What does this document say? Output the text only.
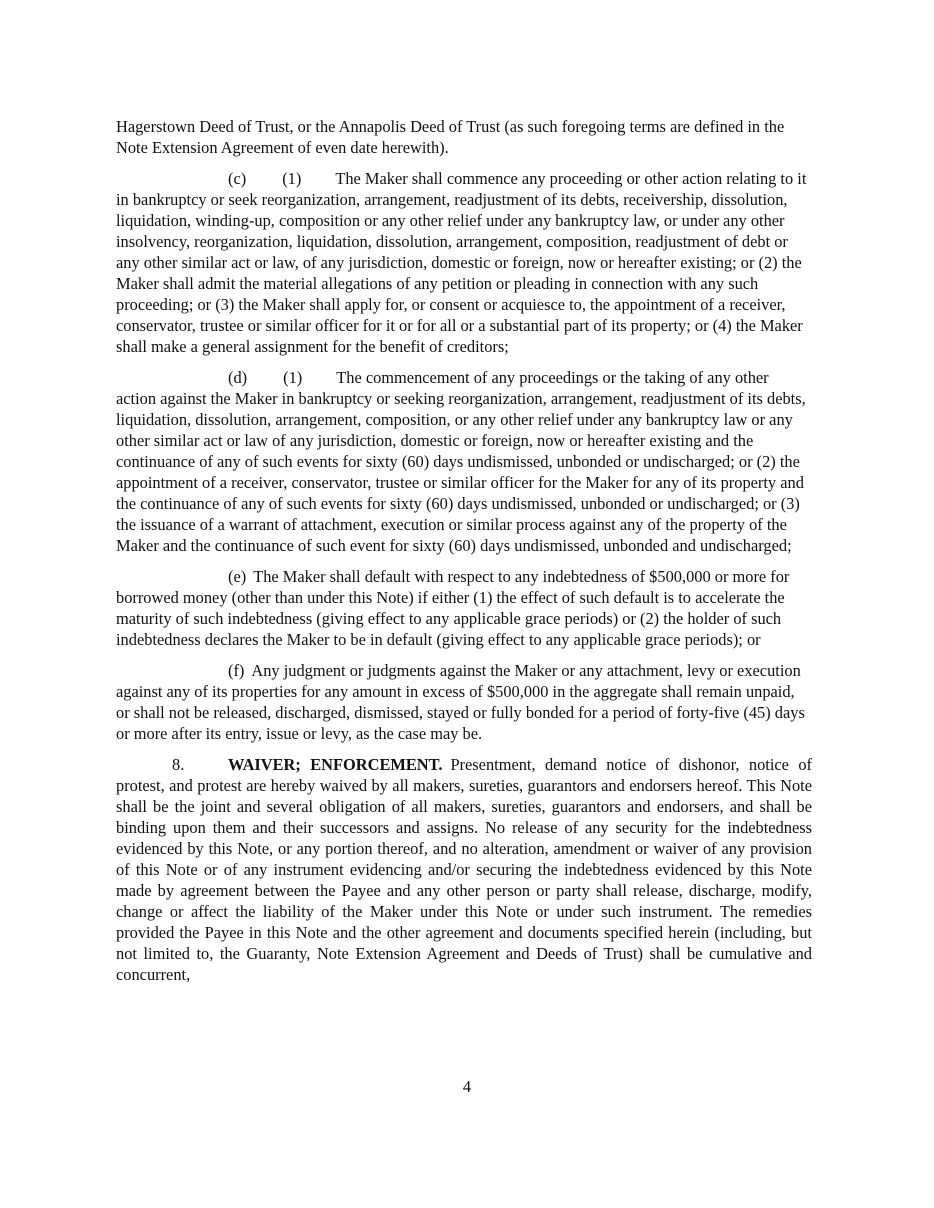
Hagerstown Deed of Trust, or the Annapolis Deed of Trust (as such foregoing terms are defined in the Note Extension Agreement of even date herewith).

(c) (1) The Maker shall commence any proceeding or other action relating to it in bankruptcy or seek reorganization, arrangement, readjustment of its debts, receivership, dissolution, liquidation, winding-up, composition or any other relief under any bankruptcy law, or under any other insolvency, reorganization, liquidation, dissolution, arrangement, composition, readjustment of debt or any other similar act or law, of any jurisdiction, domestic or foreign, now or hereafter existing; or (2) the Maker shall admit the material allegations of any petition or pleading in connection with any such proceeding; or (3) the Maker shall apply for, or consent or acquiesce to, the appointment of a receiver, conservator, trustee or similar officer for it or for all or a substantial part of its property; or (4) the Maker shall make a general assignment for the benefit of creditors;

(d) (1) The commencement of any proceedings or the taking of any other action against the Maker in bankruptcy or seeking reorganization, arrangement, readjustment of its debts, liquidation, dissolution, arrangement, composition, or any other relief under any bankruptcy law or any other similar act or law of any jurisdiction, domestic or foreign, now or hereafter existing and the continuance of any of such events for sixty (60) days undismissed, unbonded or undischarged; or (2) the appointment of a receiver, conservator, trustee or similar officer for the Maker for any of its property and the continuance of any of such events for sixty (60) days undismissed, unbonded or undischarged; or (3) the issuance of a warrant of attachment, execution or similar process against any of the property of the Maker and the continuance of such event for sixty (60) days undismissed, unbonded and undischarged;

(e) The Maker shall default with respect to any indebtedness of $500,000 or more for borrowed money (other than under this Note) if either (1) the effect of such default is to accelerate the maturity of such indebtedness (giving effect to any applicable grace periods) or (2) the holder of such indebtedness declares the Maker to be in default (giving effect to any applicable grace periods); or

(f) Any judgment or judgments against the Maker or any attachment, levy or execution against any of its properties for any amount in excess of $500,000 in the aggregate shall remain unpaid, or shall not be released, discharged, dismissed, stayed or fully bonded for a period of forty-five (45) days or more after its entry, issue or levy, as the case may be.

8.	WAIVER; ENFORCEMENT. Presentment, demand notice of dishonor, notice of protest, and protest are hereby waived by all makers, sureties, guarantors and endorsers hereof. This Note shall be the joint and several obligation of all makers, sureties, guarantors and endorsers, and shall be binding upon them and their successors and assigns. No release of any security for the indebtedness evidenced by this Note, or any portion thereof, and no alteration, amendment or waiver of any provision of this Note or of any instrument evidencing and/or securing the indebtedness evidenced by this Note made by agreement between the Payee and any other person or party shall release, discharge, modify, change or affect the liability of the Maker under this Note or under such instrument. The remedies provided the Payee in this Note and the other agreement and documents specified herein (including, but not limited to, the Guaranty, Note Extension Agreement and Deeds of Trust) shall be cumulative and concurrent,

4
